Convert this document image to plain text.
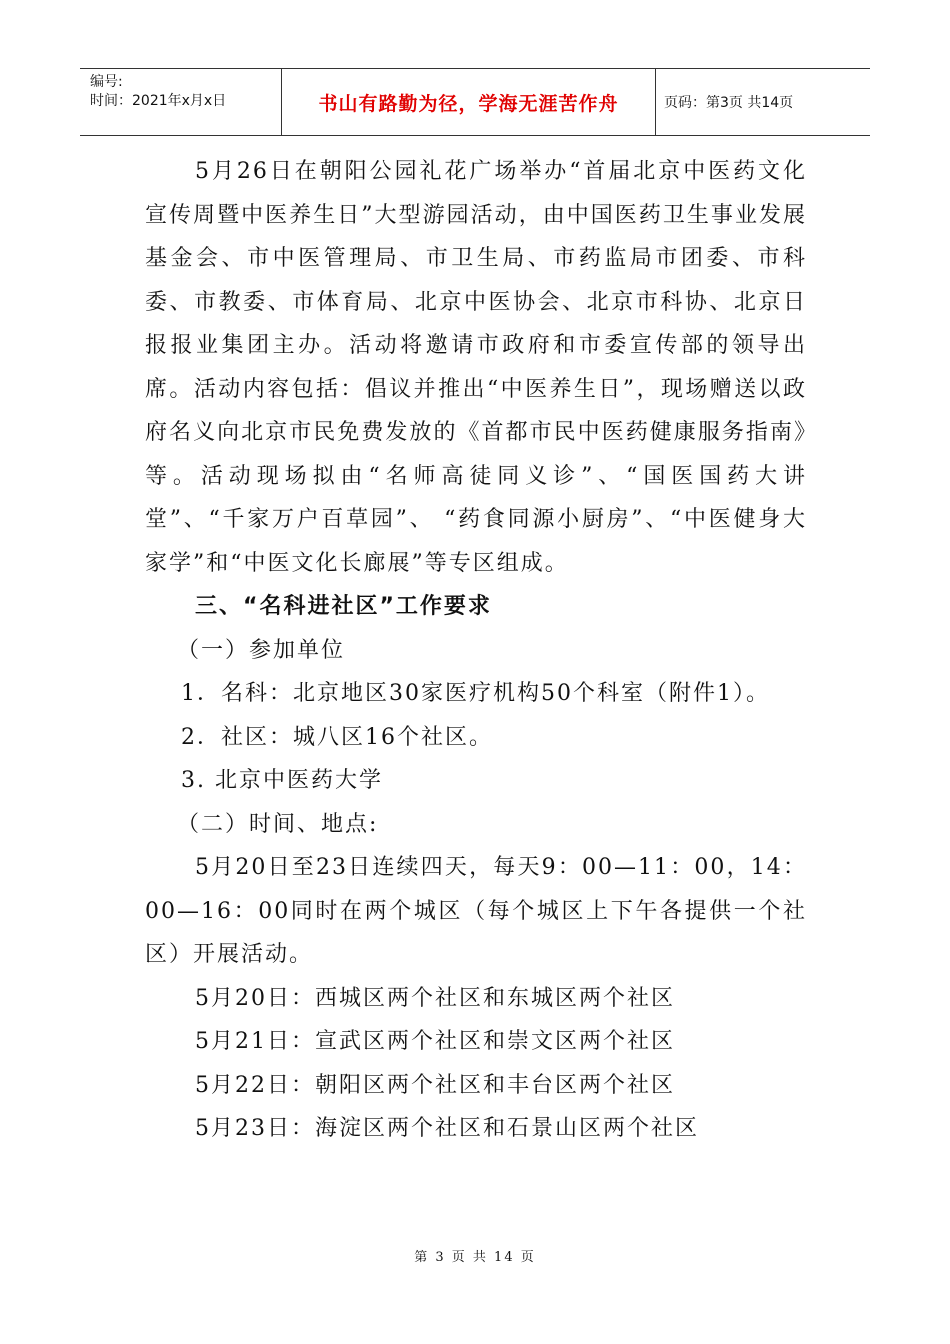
编号:
时间：2021年x月x日	书山有路勤为径，学海无涯苦作舟	页码：第3页 共14页

5月26日在朝阳公园礼花广场举办“首届北京中医药文化宣传周暨中医养生日”大型游园活动，由中国医药卫生事业发展基金会、市中医管理局、市卫生局、市药监局市团委、市科委、市教委、市体育局、北京中医协会、北京市科协、北京日报报业集团主办。活动将邀请市政府和市委宣传部的领导出席。活动内容包括：倡议并推出“中医养生日”，现场赠送以政府名义向北京市民免费发放的《首都市民中医药健康服务指南》等。活动现场拟由“名师高徒同义诊”、“国医国药大讲堂”、“千家万户百草园”、 “药食同源小厨房”、“中医健身大家学”和“中医文化长廊展”等专区组成。

三、“名科进社区”工作要求

（一）参加单位

1．名科：北京地区30家医疗机构50个科室（附件1）。

2．社区：城八区16个社区。

3. 北京中医药大学

（二）时间、地点:

5月20日至23日连续四天，每天9：00—11：00，14：00—16：00同时在两个城区（每个城区上下午各提供一个社区）开展活动。

5月20日：西城区两个社区和东城区两个社区

5月21日：宣武区两个社区和崇文区两个社区

5月22日：朝阳区两个社区和丰台区两个社区

5月23日：海淀区两个社区和石景山区两个社区

第 3 页 共 14 页
